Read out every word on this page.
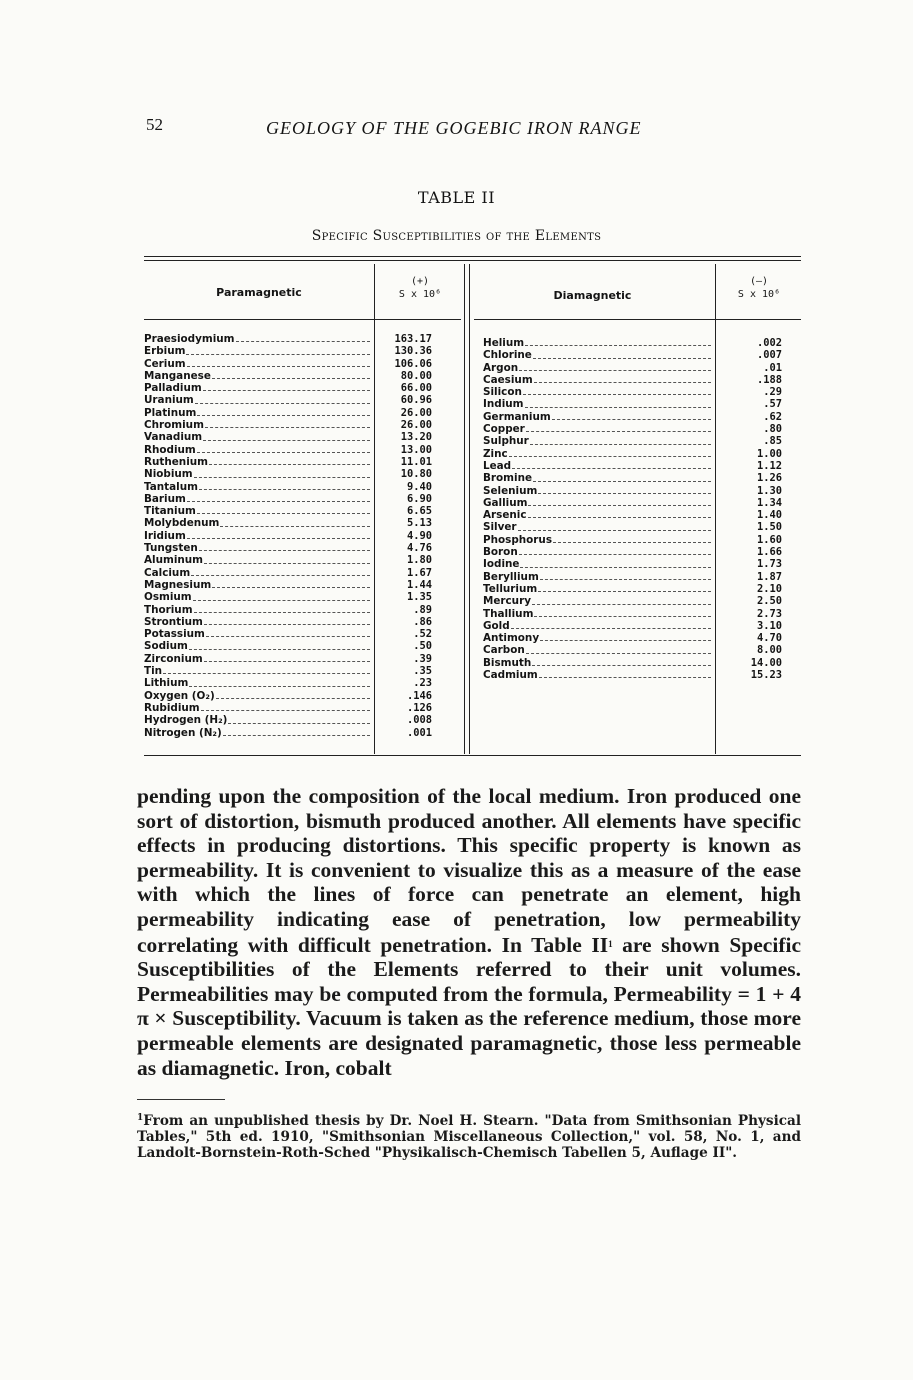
52	GEOLOGY OF THE GOGEBIC IRON RANGE
TABLE II
Specific Susceptibilities of the Elements
Paramagnetic
(+)
S x 10⁶	Diamagnetic
(—)
S x 10⁶
Praesiodymium
Erbium
Cerium
Manganese
Palladium
Uranium
Platinum
Chromium
Vanadium
Rhodium
Ruthenium
Niobium
Tantalum
Barium
Titanium
Molybdenum
Iridium
Tungsten
Aluminum
Calcium
Magnesium
Osmium
Thorium
Strontium
Potassium
Sodium
Zirconium
Tin
Lithium
Oxygen (O₂)
Rubidium
Hydrogen (H₂)
Nitrogen (N₂)
163.17
130.36
106.06
80.00
66.00
60.96
26.00
26.00
13.20
13.00
11.01
10.80
9.40
6.90
6.65
5.13
4.90
4.76
1.80
1.67
1.44
1.35
.89
.86
.52
.50
.39
.35
.23
.146
.126
.008
.001
Helium
Chlorine
Argon
Caesium
Silicon
Indium
Germanium
Copper
Sulphur
Zinc
Lead
Bromine
Selenium
Gallium
Arsenic
Silver
Phosphorus
Boron
Iodine
Beryllium
Tellurium
Mercury
Thallium
Gold
Antimony
Carbon
Bismuth
Cadmium
.002
.007
.01
.188
.29
.57
.62
.80
.85
1.00
1.12
1.26
1.30
1.34
1.40
1.50
1.60
1.66
1.73
1.87
2.10
2.50
2.73
3.10
4.70
8.00
14.00
15.23
pending upon the composition of the local medium. Iron produced one sort of distortion, bismuth produced another. All elements have specific effects in producing distortions. This specific property is known as permeability. It is convenient to visualize this as a measure of the ease with which the lines of force can penetrate an element, high permeability indicating ease of penetration, low permeability correlating with difficult penetration. In Table $II^1$ are shown Specific Susceptibilities of the Elements referred to their unit volumes. Permeabilities may be computed from the formula, Permeability = 1 + 4 π × Susceptibility. Vacuum is taken as the reference medium, those more permeable elements are designated paramagnetic, those less permeable as diamagnetic. Iron, cobalt
$^1$From an unpublished thesis by Dr. Noel H. Stearn. "Data from Smithsonian Physical Tables," 5th ed. 1910, "Smithsonian Miscellaneous Collection," vol. 58, No. 1, and Landolt-Bornstein-Roth-Sched "Physikalisch-Chemisch Tabellen 5, Auflage II".
